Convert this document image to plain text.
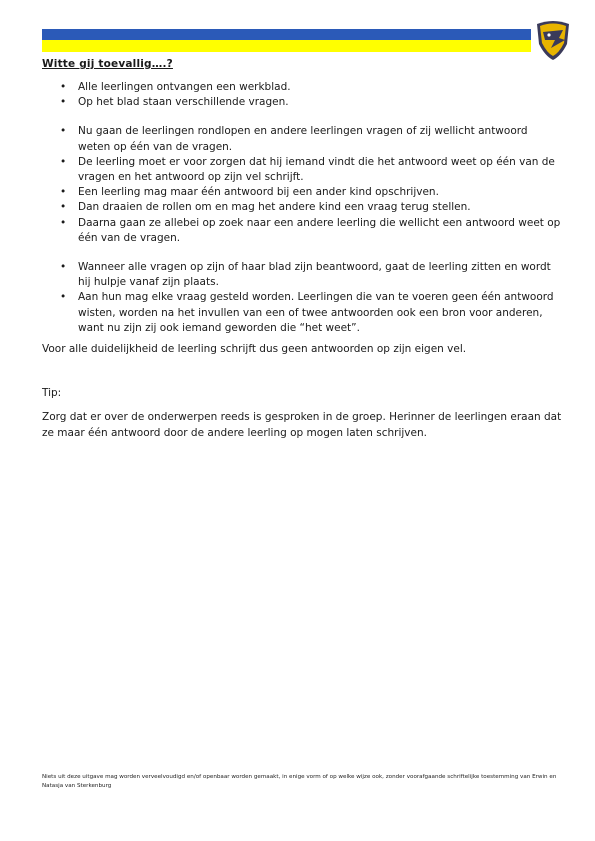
Witte gij toevallig….?
• Alle leerlingen ontvangen een werkblad.
• Op het blad staan verschillende vragen.
• Nu gaan de leerlingen rondlopen en andere leerlingen vragen of zij wellicht antwoord weten op één van de vragen.
• De leerling moet er voor zorgen dat hij iemand vindt die het antwoord weet op één van de vragen en het antwoord op zijn vel schrijft.
• Een leerling mag maar één antwoord bij een ander kind opschrijven.
• Dan draaien de rollen om en mag het andere kind een vraag terug stellen.
• Daarna gaan ze allebei op zoek naar een andere leerling die wellicht een antwoord weet op één van de vragen.
• Wanneer alle vragen op zijn of haar blad zijn beantwoord, gaat de leerling zitten en wordt hij hulpje vanaf zijn plaats.
• Aan hun mag elke vraag gesteld worden. Leerlingen die van te voeren geen één antwoord wisten, worden na het invullen van een of twee antwoorden ook een bron voor anderen, want nu zijn zij ook iemand geworden die “het weet”.

Voor alle duidelijkheid de leerling schrijft dus geen antwoorden op zijn eigen vel.

Tip:

Zorg dat er over de onderwerpen reeds is gesproken in de groep. Herinner de leerlingen eraan dat ze maar één antwoord door de andere leerling op mogen laten schrijven.

Niets uit deze uitgave mag worden verveelvoudigd en/of openbaar worden gemaakt, in enige vorm of op welke wijze ook, zonder voorafgaande schriftelijke toestemming van Erwin en Natasja van Sterkenburg
